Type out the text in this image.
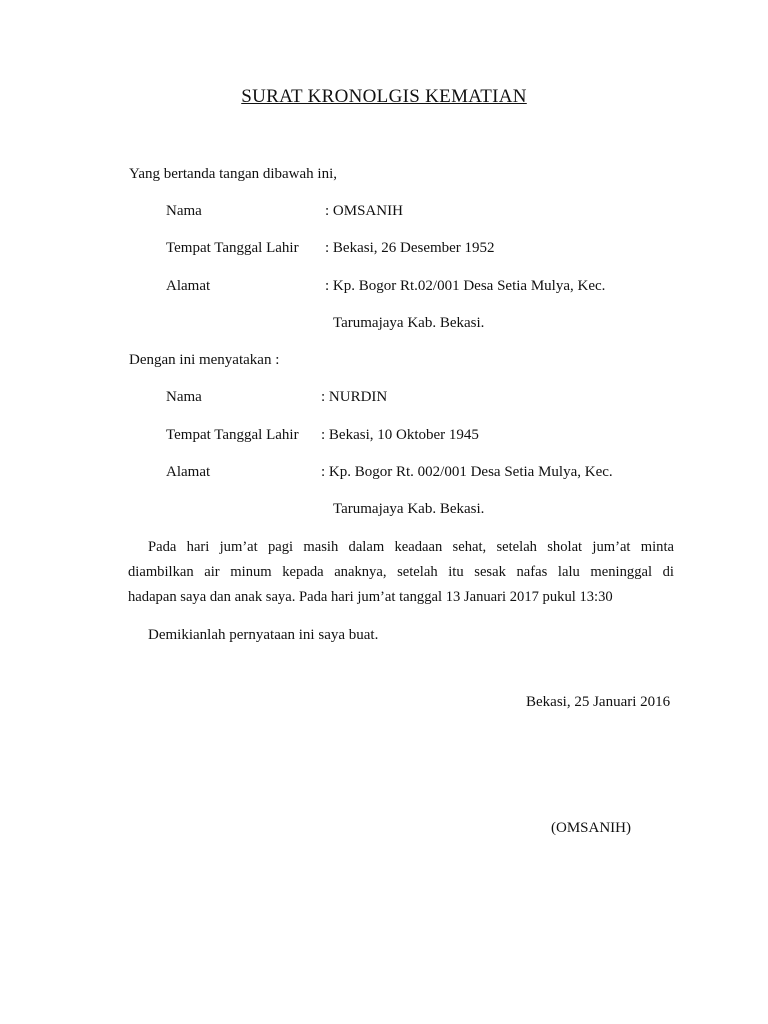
SURAT KRONOLGIS KEMATIAN
Yang bertanda tangan dibawah ini,
Nama	: OMSANIH
Tempat Tanggal Lahir : Bekasi, 26 Desember 1952
Alamat	: Kp. Bogor Rt.02/001 Desa Setia Mulya, Kec.
Tarumajaya Kab. Bekasi.
Dengan ini menyatakan :
Nama	: NURDIN
Tempat Tanggal Lahir : Bekasi, 10 Oktober 1945
Alamat	: Kp. Bogor Rt. 002/001 Desa Setia Mulya, Kec.
Tarumajaya Kab. Bekasi.
Pada hari jum’at pagi masih dalam keadaan sehat, setelah sholat jum’at minta
diambilkan air minum kepada anaknya, setelah itu sesak nafas lalu meninggal di
hadapan saya dan anak saya. Pada hari jum’at tanggal 13 Januari 2017 pukul 13:30
Demikianlah pernyataan ini saya buat.
Bekasi, 25 Januari 2016
(OMSANIH)
